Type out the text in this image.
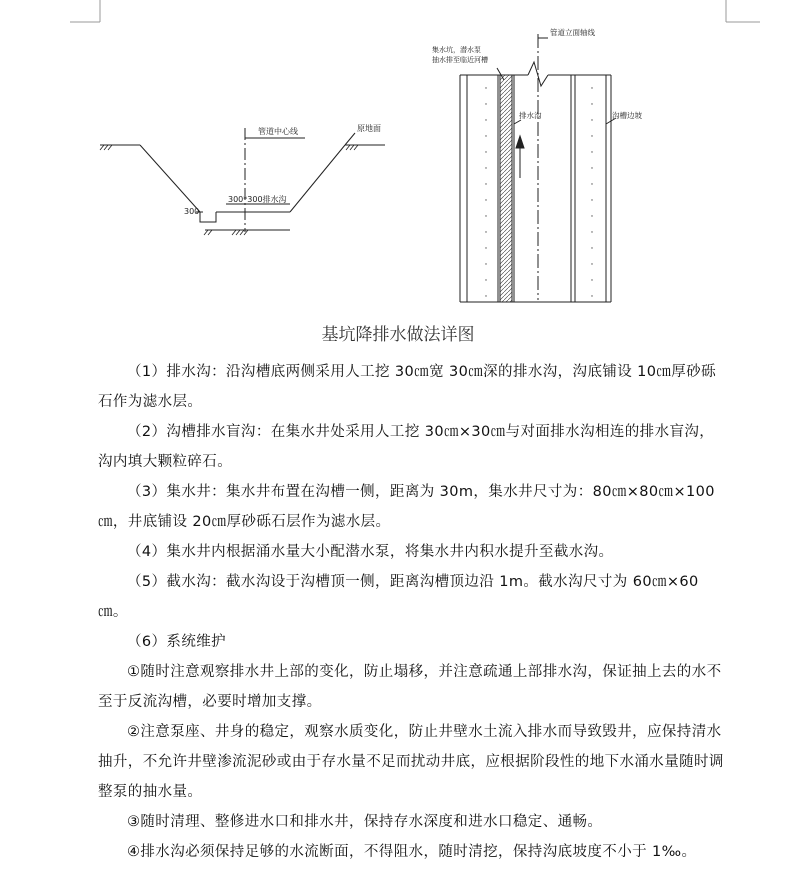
管道中心线	原地面
300*300排水沟
300
管道立面轴线
集水坑，潜水泵 抽水排至临近河槽
排水沟	沟槽边坡
基坑降排水做法详图

（1）排水沟：沿沟槽底两侧采用人工挖 30㎝宽 30㎝深的排水沟，沟底铺设 10㎝厚砂砾石作为滤水层。

（2）沟槽排水盲沟：在集水井处采用人工挖 30㎝×30㎝与对面排水沟相连的排水盲沟，沟内填大颗粒碎石。

（3）集水井：集水井布置在沟槽一侧，距离为 30m，集水井尺寸为：80㎝×80㎝×100㎝，井底铺设 20㎝厚砂砾石层作为滤水层。

（4）集水井内根据涌水量大小配潜水泵，将集水井内积水提升至截水沟。

（5）截水沟：截水沟设于沟槽顶一侧，距离沟槽顶边沿 1m。截水沟尺寸为 60㎝×60㎝。

（6）系统维护

①随时注意观察排水井上部的变化，防止塌移，并注意疏通上部排水沟，保证抽上去的水不至于反流沟槽，必要时增加支撑。

②注意泵座、井身的稳定，观察水质变化，防止井壁水土流入排水而导致毁井，应保持清水抽升，不允许井壁渗流泥砂或由于存水量不足而扰动井底，应根据阶段性的地下水涌水量随时调整泵的抽水量。

③随时清理、整修进水口和排水井，保持存水深度和进水口稳定、通畅。

④排水沟必须保持足够的水流断面，不得阻水，随时清挖，保持沟底坡度不小于 1‰。
